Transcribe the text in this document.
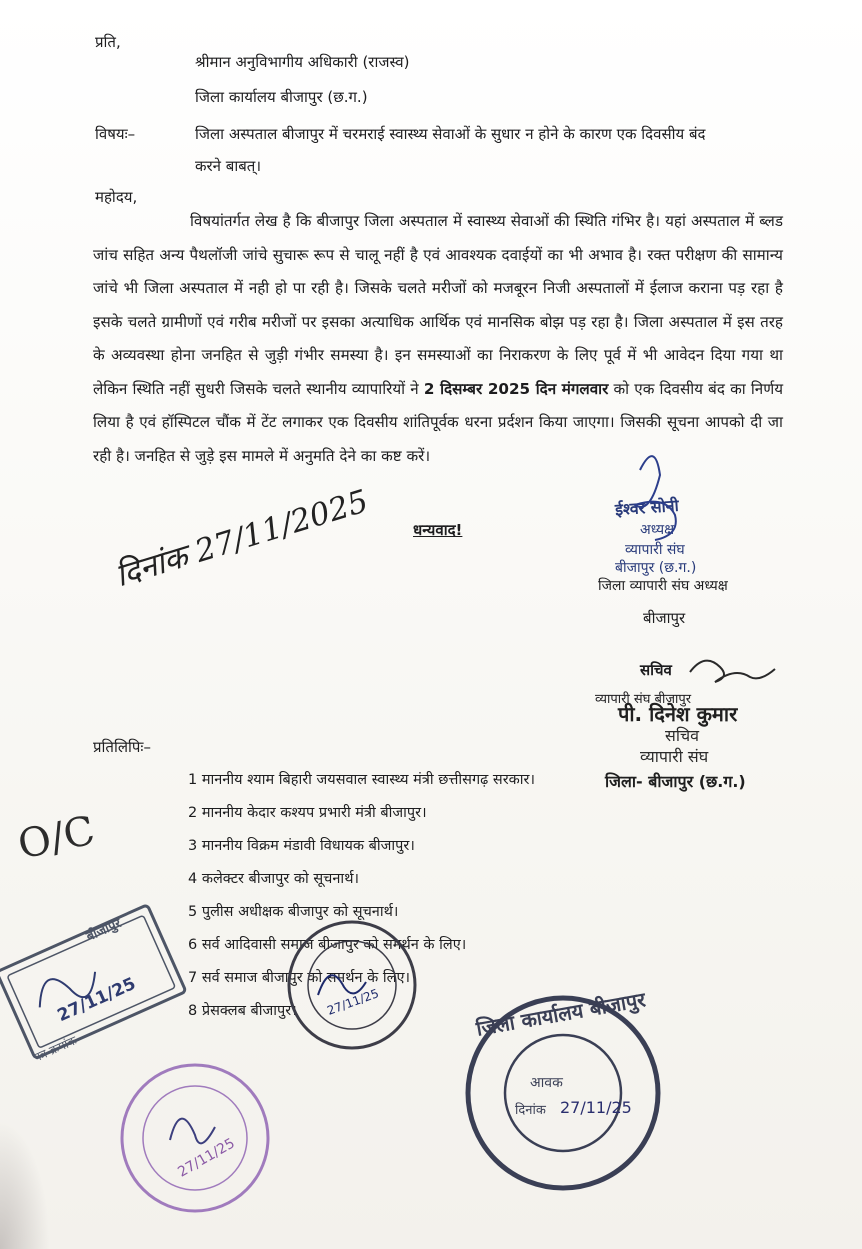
प्रति,
श्रीमान अनुविभागीय अधिकारी (राजस्व)
जिला कार्यालय बीजापुर (छ.ग.)
विषयः–	जिला अस्पताल बीजापुर में चरमराई स्वास्थ्य सेवाओं के सुधार न होने के कारण एक दिवसीय बंद
करने बाबत्।
महोदय,
विषयांतर्गत लेख है कि बीजापुर जिला अस्पताल में स्वास्थ्य सेवाओं की स्थिति गंभिर है। यहां अस्पताल में ब्लड जांच सहित अन्य पैथलॉजी जांचे सुचारू रूप से चालू नहीं है एवं आवश्यक दवाईयों का भी अभाव है। रक्त परीक्षण की सामान्य जांचे भी जिला अस्पताल में नही हो पा रही है। जिसके चलते मरीजों को मजबूरन निजी अस्पतालों में ईलाज कराना पड़ रहा है इसके चलते ग्रामीणों एवं गरीब मरीजों पर इसका अत्याधिक आर्थिक एवं मानसिक बोझ पड़ रहा है। जिला अस्पताल में इस तरह के अव्यवस्था होना जनहित से जुड़ी गंभीर समस्या है। इन समस्याओं का निराकरण के लिए पूर्व में भी आवेदन दिया गया था लेकिन स्थिति नहीं सुधरी जिसके चलते स्थानीय व्यापारियों ने 2 दिसम्बर 2025 दिन मंगलवार को एक दिवसीय बंद का निर्णय लिया है एवं हॉस्पिटल चौंक में टेंट लगाकर एक दिवसीय शांतिपूर्वक धरना प्रर्दशन किया जाएगा। जिसकी सूचना आपको दी जा रही है। जनहित से जुड़े इस मामले में अनुमति देने का कष्ट करें।
धन्यवाद!
दिनांक 27/11/2025	ईश्वर सोनी
अध्यक्ष
व्यापारी संघ
बीजापुर (छ.ग.)
जिला व्यापारी संघ अध्यक्ष
बीजापुर
सचिव
व्यापारी संघ बीजापुर
पी. दिनेश कुमार
सचिव
व्यापारी संघ
जिला- बीजापुर (छ.ग.)
प्रतिलिपिः–
1 माननीय श्याम बिहारी जयसवाल स्वास्थ्य मंत्री छत्तीसगढ़ सरकार।
2 माननीय केदार कश्यप प्रभारी मंत्री बीजापुर।
3 माननीय विक्रम मंडावी विधायक बीजापुर।
4 कलेक्टर बीजापुर को सूचनार्थ।
5 पुलीस अधीक्षक बीजापुर को सूचनार्थ।
6 सर्व आदिवासी समाज बीजापुर को समर्थन के लिए।
7 सर्व समाज बीजापुर को समर्थन के लिए।
8 प्रेसक्लब बीजापुर।
O/C
बीजापुर
27/11/25
पत्र क्रमांक
27/11/25
27/11/25
जिला कार्यालय बीजापुर
आवक
दिनांक 27/11/25
